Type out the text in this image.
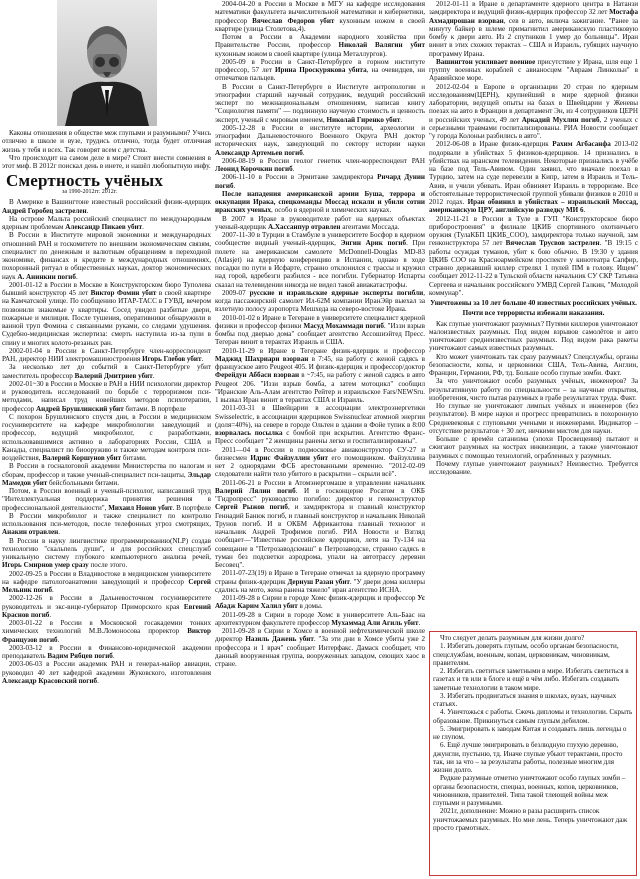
Каковы отношения в обществе меж глупыми и разумными? Учись отлично в школе и вузе, трудись отлично, тогда будет отличная жизнь у тебя и всех. Так говорят всем с детства.

Что происходит на самом деле в мире? Стоит внести сомнения в этот миф. В 2012г поискал день в инете, и нашёл любопытную инфу.

Смертность учёных
за 1990-2012гг. 2012г.

В Америке в Вашингтоне известный российский физик-ядерщик Андрей Горобец застрелен.

На острове Мальта российский специалист по международным ядерным проблемам Александр Пикаев убит.

В России в Институте мировой экономики и международных отношений РАН и госкомитете по внешним экономическим связям, специалист по денежным и валютным обращениям в переходной экономике, финансах и кредите в международных отношениях, похоронный ритуал в общественных науках, доктор экономических наук А. Анинкин погиб.

2001-01-12 в России в Москве в Конструкторском бюро Туполева бывший конструктор 45 лет Виктор Фомин убит в своей квартире на Камчатской улице. По сообщению ИТАР-ТАСС в ГУВД, вечером позвонили знакомые у квартиры. Сосед увидел разбитые двери, пожарные и милиция. После тушения, оперативники обнаружили в ванной труп Фомина с связанными руками, со следами удушения. Судебно-медицинская экспертиза: смерть наступила из-за пули в спину и многих колото-резаных ран.

2002-01-04 в России в Санкт-Петербурге член-корреспондент РАН, директор НИИ электромашиностроения Игорь Глебов убит.

За несколько лет до событий в Санкт-Петербурге убит заместитель профессор Валерий Дмитриев убит.

2002-01~30 в России в Москве в РАН в НИИ психологии директор и руководитель исследований по борьбе с терроризмом пси-методами, написал труд новейших методов психотерапии, профессор Андрей Брушлинский убит битами. В портфеле

С похорон Брушлинского спустя дни, в России в медицинском госуниверситете на кафедре микробиологии заведующий и профессор, ведущий микробиолог, с разработками, использовавшимися активно в лабораториях России, США и Канады, специалист по биооружию и также методам контроля пси-воздействия, Валерий Коршунов убит битами.

В России в госналоговой академии Министерства по налогам и сборам, профессор и также ученый-специалист пси-защиты, Эльдар Мамедов убит бейсбольными битами.

Потом, в России военный и ученый-психолог, написавший труд "Интеллектуальная поддержка принятия решения в профессиональной деятельности", Михаил Нонов убит. В портфеле

В России микробиолог и также специалист по контролю использования пси-методов, после телефонных угроз смотрящих, Анакин отравлен.

В России в науку лингвистике программированию(NLP) создав технологию "скальпель души", и для российских спецслужб уникальную систему глубокого компьютерного анализа речей, Игорь Смирнов умер сразу после этого.

2002-09-25 в России в Владивостоке в медицинском университете на кафедре патологоанатомии заведующий и профессор Сергей Мельник погиб.

2002-12-26 в России в Дальневосточном госуниверситете руководитель и экс-вице-губернатор Приморского края Евгений Краснов погиб.

2003-01-22 в России в Московской госакадемии тонких химических технологий М.В.Ломоносова проректор Виктор Французов погиб.

2003-03-12 в России в Финансово-юридической академии преподаватель Вадим Рябцев погиб.

2003-06-03 в России академик РАН и генерал-майор авиации, руководил 40 лет кафедрой академии Жуковского, изготовления Александр Красовский погиб.

2004-04-20 в России в Москве в МГУ на кафедре исследования математики факультета вычислительной математики и кибернетики, профессор Вячеслав Федоров убит кухонным ножом в своей квартире (улица Столетова,4).

Потом в России в Академии народного хозяйства при Правительстве России, профессор Николай Валягин убит кухонным ножом в своей квартире (улица Металлургов).

2005-09 в России в Санкт-Петербурге в горном институте профессор, 57 лет Ирина Проскурякова убита, на очевидцев, ни отпечатков пальцев.

В России в Санкт-Петербурге в Институте антропологии и этнографии старший научный сотрудник, ведущий российский эксперт по межнациональным отношениям, написав книгу "Социология памяти" — подлинную научную стоимость и ценность эксперт, ученый с мировым именем, Николай Гиренко убит.

2005-12-28 в России в институте истории, археологии и этнографии Дальневосточного Военного Округа РАН доктор исторических наук, заведующий по сектору истории науки Александр Артемьев погиб.

2006-08-19 в России геолог генетик член-корреспондент РАН Леонид Корочкин погиб.

2006-11-10 в России в Эрмитаже замдиректора Ричард Дунин погиб.

После нападения американской армии Буша, террора и оккупации Ирака, спецкоманды Моссад искали и убили сотни иракских ученых, особо в ядерной и химических науках.

В 2007 в Ираке в руководителе работ на ядерных объектах ученый-ядерщик А.Хассанпур отравлен агентами Моссада.

2007-11-30 в Турции в Стамбуле в университете Босфор в ядерном сообществе видный ученый-ядерщик, Энгин Арик погиб. При полете на американском самолете McDonnell-Douglas MD-83 (Atlasjet) на ядерную конференцию в Испании, однако в ходе посадки по пути в Исфарте, странно отклонился с трассы и кружил над горой, вдребезги разбился - все погибли. Губернатор Испарты сказал на телевидении никогда не видел такой авиакатастрофы.

2009-07 русские и израильские ядерные эксперты погибли, когда пассажирский самолет Ил-62М компании ИранЭйр выехал за взлетную полосу аэропорта Мешхеда на северо-востоке Ирана.

2010-01-02 в Иране в Тегеране в университете специалист ядерной физики и профессор физики Масуд Мохаммади погиб. "Иззи взрыв бомбы под дверью дома" сообщает агентство Ассошиэйтед Пресс. Тегеран винит в терактах Израиль и США.

2010-11-29 в Иране в Тегеране физик-ядерщик и профессор Маджид Шахриари взорван в 7:45, на работу с женой садясь в французское авто Peugeot 405. И физик-ядерщик и профессор/доктор Ферейдун Аббаси взорван в ~7:45, на работу с женой садясь в авто Peugeot 206. "Иззи взрыв бомба, а затем мотоцикл" сообщил "Иранские Аль-Алам агентство Рейтер и израильское Fars/NEWSru. 1 вызвал Иран винит в терактах США и Израиль.

2011-03-31 в Швейцарии в ассоциации электроэнергетики Swisselectric, в ассоциации ядерщиков Swissnuclear атомной энергии (доля=40%), на севере в городе Ольтен в здании в Фойе тупик в 8:00 взорвалась посылка с бомбой при вскрытии. Агентство Франс-Пресс сообщает "2 женщины ранены легко и госпитализированы".

2011—04 в России в подмосковье авиаконструктор СУ-27 и бизнесмен Идрис Файзуллин убит его помощником. Файзуллина нет 2 однорядами ФСБ арестованными временно. "2012-02-09 следователи найти тело убитого в раскрытии – скрыли всё".

2011-06-21 в России в Атомэнергомаше в управлении начальник Валерий Лялин погиб. И в госконцерне Росатом в ОКБ "Гидропресс" руководство погибло: директор и генконструктор Сергей Рыжов погиб, и замдиректора и главный конструктор Геннадий Банюк погиб, и главный конструктор и начальник Николай Трунов погиб. И в ОКБМ Африкантова главный технолог и начальник Андрей Трофимов погиб. РИА Новости и Взгляд сообщает—"Известные российские ядерщики, летя на Ту-134 на совещание в "Петрозаводскмаш" в Петрозаводске, странно садясь в туман без подсветки аэродрома, упали на автотрассу деревни Бесовец".

2011-07-23(19) в Иране в Тегеране отмечал за ядерную программу страны физик-ядерщик Дериуш Разан убит. "У двери дома киллеры сдались на мото, жена ранена тяжело" иран агентство ИСНА.

2011-09-28 в Сирии в городе Хомс физик-ядерщик и профессор Ус Абадж Карим Халил убит в домы.

2011-09-28 в Сирии в городе Хомс в университете Аль-Баас на архитектурном факультете профессор Мухаммад Али Агиль убит.

2011-09-28 в Сирии в Хомсе в военной нефтехимической школе директор Назиль Дажень убит. "За эти дни в Хомсе убиты уже 2 профессора и 1 врач" сообщает Интерфакс. Дамаск сообщает, что данный вооруженная группа, вооруженных западом, сеющих хаос в стране.

2012-01-11 в Иране в департаменте ядерного центра в Натанзи замдиректора и ведущий физик-ядерщик профессор 32 лет Мостафа Ахмадирошан взорван, сев в авто, включа зажигание. "Ранее за минуту байкер в шлеме примагнитил американскую пластиковую бомбу к двери авто. Из 2 спутников 1 умер до больницы". Иран винит в этих схожих терактах – США и Израиль, губящих научную программу Ирана.

Вашингтон усиливает военное присутствие у Ирана, шля еще 1 группу военных кораблей с авианосцем "Авраам Линкольн" в Аравийское море.

2012-02-04 в Европе в организации 20 стран по ядерным исследованиям(ЦЕРН), крупнейший в мире ядерной физики лаборатории, ведущей опыты на базах в Швейцарии у Женевы поезах на авто в Франции в департамент Эн, из 4 сотрудников ЦЕРН и российских ученых, 49 лет Аркадий Мухлин погиб, 2 ученых с серьезными травмами госпитализированы. РИА Новости сообщает "у города Колоньи разбились в авто".

2012-06-08 в Иране физик-ядерщик Рахим Агбасанфа 2013-02 подорвали в убийствах 5 физиков-ядерщиков. 14 признались в убийствах на иранском телевидении. Некоторые признались в учёбе на базе под Тель-Авивом. Один заявил, что вначале поехал в Турцию, затем на суде перевезли в Кипр, затем в Израиль и Тель-Авив, и учили убивать. Иран обвиняет Израиль в терроризме. Все обстоятельные террористической группой убивали физиков в 2010 и 2012 годах. Иран обвинил в убийствах – израильский Моссад, американскую ЦРУ, английскую разведку МИ 6.

2012-11-21 в России в Туле в ГУП "Конструкторское бюро приборостроения" в филиале ЦКИБ спортивного охотничьего оружия (ТулаКБП ЦКИБ_СОО), замдиректора только научной, зам генконструктора 57 лет Вячеслав Трусвов застрелен. "В 19:15 с работы осуждая туманов, убит к бою обычно. В 19:30 у здания ЦКИБ СОО на Красноармейском проспекте у кинотеатра Сапфир, странно державший киллер стрелял 1 пулей ПМ в голову. Ищем" сообщает 2012-11-22 в Тульской области начальник СУ СКР Татьяна Сергеева и начальник российского УМВД Сергей Галкин, "Молодой коммунар".

Уничтожены за 10 лет больше 40 известных российских учёных.

Почти все террористы избежали наказания.

Как глупые уничтожают разумных? Путями киллеров уничтожают малоизвестных разумных. Под видом взрывов самолётов и авто уничтожают среднеизвестных разумных. Под видом рака ракеты уничтожают самых известных разумных.

Кто может уничтожать так сразу разумных? Спецслужбы, органы безопасности, копы, и церковники США, Тель-Авива, Англии, Франции, Германии, РФ, тд. Больше особо глупые зомби. Факт.

За что уничтожают особо разумных учёных, инженеров? За результативную работу по специальности – за научные открытия, изобретения, чисто пытая разумных в грабе результатах труда. Факт.

Но глупые не уничтожают лимпых учёных и инженеров (без результатов). В мире науки и прогресс превратились в похоронную Средневековья с глуповыми учеными и инженерами. Индикатор – отсутствие результатов + 30 лет, ничкими мистом для науки.

Больше с времён сатанизма (эпохи Просвещения) пытают и сжигают разумных на кострах инквизиции, а также уничтожают разумных с помощью технологий, ограбленных у разумных.

Почему глупые уничтожают разумных? Неизвестно. Требуется исследование.

Что следует делать разумным для жизни долго?

1. Избегать доверять глупым, особо органам безопасности, спецслужбам, военным, копам, церковникам, чиновникам, правителям.

2. Избегать светиться заметными в мире. Избегать светиться в газетах и тв или в блоге и ещё в чём либо. Избегать создавать заметные технологии в таком мире.

3. Избегать продвигаться знания в школах, вузах, научных статьях.

4. Уничтожься с работы. Сжечь дипломы и технологии. Скрыть образование. Прикинуться самым глупым дебилом.

5. Эмигрировать к заводам Китая и создавать лишь легенды о не глупом.

6. Ещё лучше эмигрировать в безлюдную глухую деревню, джунгли, пустыню, тд. Иначе глупые убьют терактами, просто так, ни за что – за результаты работы, полезные многим для жизни долго.

Редкие разумные отметно уничтожают особо глупых зомби – органы безопасности, спецназ, военных, копов, церковников, чиновников, правителей. Типа такой тлеющей войны меж глупыми и разумными.

2021г, дополнение: Можно в разы расширить список уничтожаемых разумных. Но мне лень. Теперь уничтожают даж просто грамотных.
